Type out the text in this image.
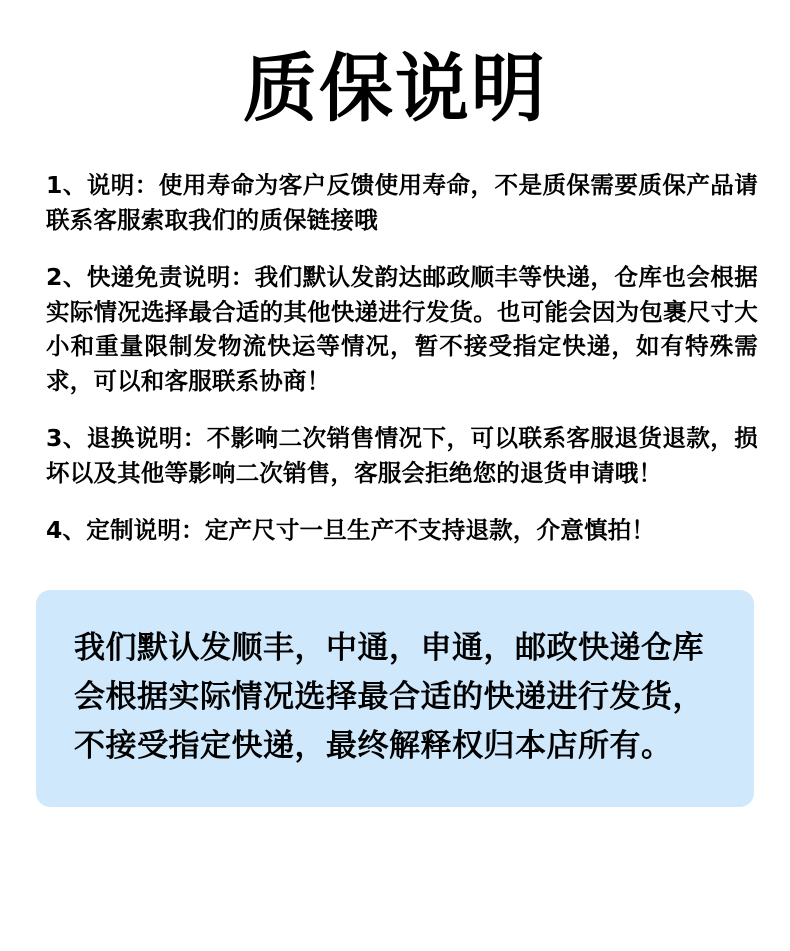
质保说明

1、说明：使用寿命为客户反馈使用寿命，不是质保需要质保产品请联系客服索取我们的质保链接哦

2、快递免责说明：我们默认发韵达邮政顺丰等快递，仓库也会根据实际情况选择最合适的其他快递进行发货。也可能会因为包裹尺寸大小和重量限制发物流快运等情况，暂不接受指定快递，如有特殊需求，可以和客服联系协商！

3、退换说明：不影响二次销售情况下，可以联系客服退货退款，损坏以及其他等影响二次销售，客服会拒绝您的退货申请哦！

4、定制说明：定产尺寸一旦生产不支持退款，介意慎拍！

我们默认发顺丰，中通，申通，邮政快递仓库会根据实际情况选择最合适的快递进行发货，不接受指定快递，最终解释权归本店所有。
